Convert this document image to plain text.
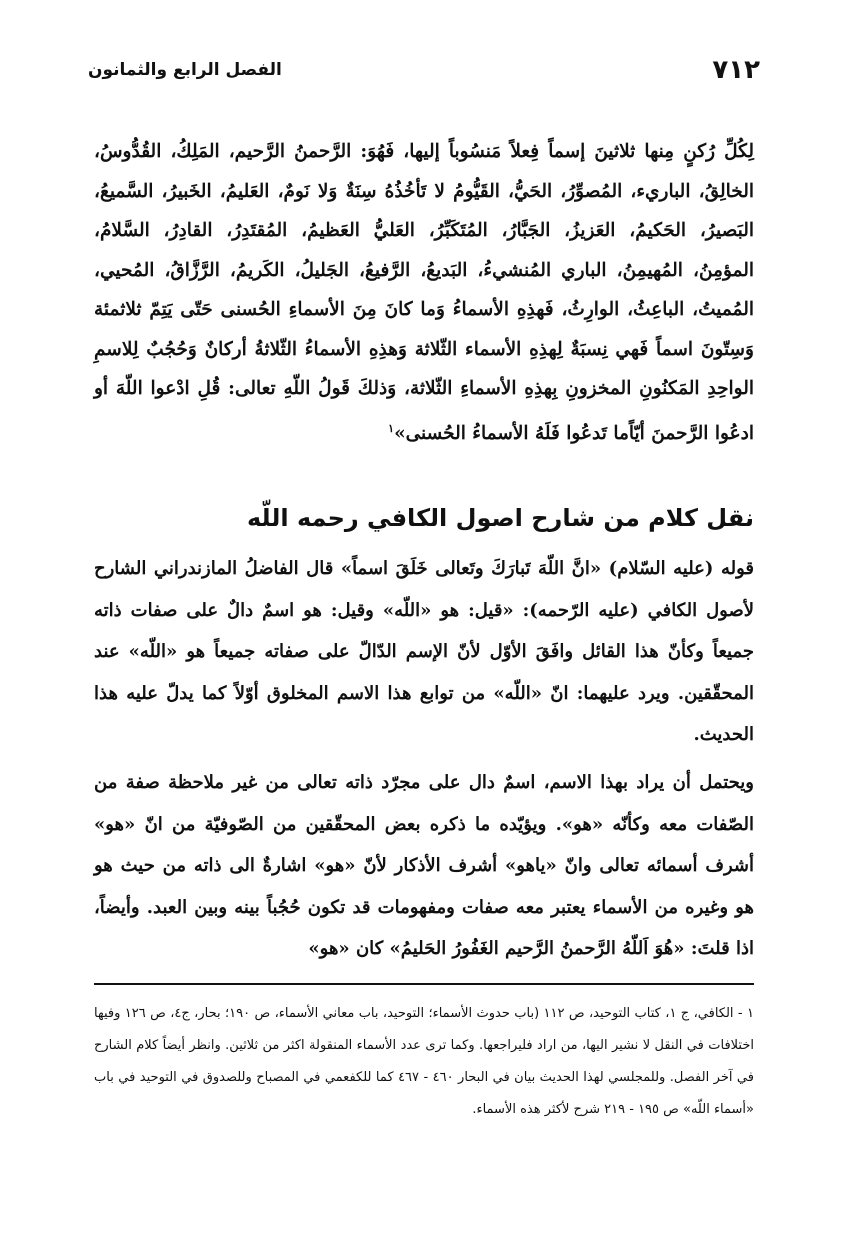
٧١٢
الفصل الرابع والثمانون
لِكُلِّ رُكنٍ مِنها ثلاثينَ إسماً فِعلاً مَنسُوباً إليها، فَهُوَ: الرَّحمنُ الرَّحيم، المَلِكُ، القُدُّوسُ، الخالِقُ، الباريء، المُصوِّرُ، الحَيُّ، القَيُّومُ لا تَأخُذُهُ سِنَةٌ وَلا نَومٌ، العَليمُ، الخَبيرُ، السَّميعُ، البَصيرُ، الحَكيمُ، العَزيزُ، الجَبَّارُ، المُتَكَبِّرُ، العَليُّ العَظيمُ، المُقتَدِرُ، القادِرُ، السَّلامُ، المؤمِنُ، المُهيمِنُ، الباري المُنشيءُ، البَديعُ، الرَّفيعُ، الجَليلُ، الكَريمُ، الرَّزَّاقُ، المُحيي، المُميتُ، الباعِثُ، الوارِثُ، فَهذِهِ الأسماءُ وَما كانَ مِنَ الأسماءِ الحُسنى حَتّى يَتِمّ ثلاثمئة وَسِتّونَ اسماً فَهي نِسبَةٌ لِهذِهِ الأسماء الثّلاثة وَهذِهِ الأسماءُ الثّلاثةُ أركانٌ وَحُجُبٌ لِلاسمِ الواحِدِ المَكنُونِ المخزونِ بِهذِهِ الأسماءِ الثّلاثة، وَذلكَ قَولُ اللّهِ تعالى: قُلِ ادْعوا اللّهَ أو ادعُوا الرَّحمنَ أيّاًما تَدعُوا فَلَهُ الأسماءُ الحُسنى»$^١$
نقل كلام من شارح اصول الكافي رحمه اللّه
قوله (عليه السّلام) «انَّ اللّهَ تَبارَكَ وتَعالى خَلَقَ اسماً» قال الفاضلُ المازندراني الشارح لأصول الكافي (عليه الرّحمه): «قيل: هو «اللّه» وقيل: هو اسمٌ دالٌ على صفات ذاته جميعاً وكأنّ هذا القائل وافَقَ الأوّل لأنّ الإسم الدّالّ على صفاته جميعاً هو «اللّه» عند المحقّقين. ويرد عليهما: انّ «اللّه» من توابع هذا الاسم المخلوق أوّلاً كما يدلّ عليه هذا الحديث.
ويحتمل أن يراد بهذا الاسم، اسمٌ دال على مجرّد ذاته تعالى من غير ملاحظة صفة من الصّفات معه وكأنّه «هو». ويؤيّده ما ذكره بعض المحقّقين من الصّوفيّة من انّ «هو» أشرف أسمائه تعالى وانّ «ياهو» أشرف الأذكار لأنّ «هو» اشارةٌ الى ذاته من حيث هو هو وغيره من الأسماء يعتبر معه صفات ومفهومات قد تكون حُجُباً بينه وبين العبد. وأيضاً، اذا قلتَ: «هُوَ اَللّهُ الرَّحمنُ الرَّحيم الغَفُورُ الحَليمُ» كان «هو»
١ - الكافي، ج ١، كتاب التوحيد، ص ١١٢ (باب حدوث الأسماء؛ التوحيد، باب معاني الأسماء، ص ١٩٠؛ بحار، ج٤، ص ١٢٦ وفيها اختلافات في النقل لا نشير اليها، من اراد فليراجعها. وكما ترى عدد الأسماء المنقولة اكثر من ثلاثين. وانظر أيضاً كلام الشارح في آخر الفصل. وللمجلسي لهذا الحديث بيان في البحار ٤٦٠ - ٤٦٧ كما للكفعمي في المصباح وللصدوق في التوحيد في باب «أسماء اللّه» ص ١٩٥ - ٢١٩ شرح لأكثر هذه الأسماء.
